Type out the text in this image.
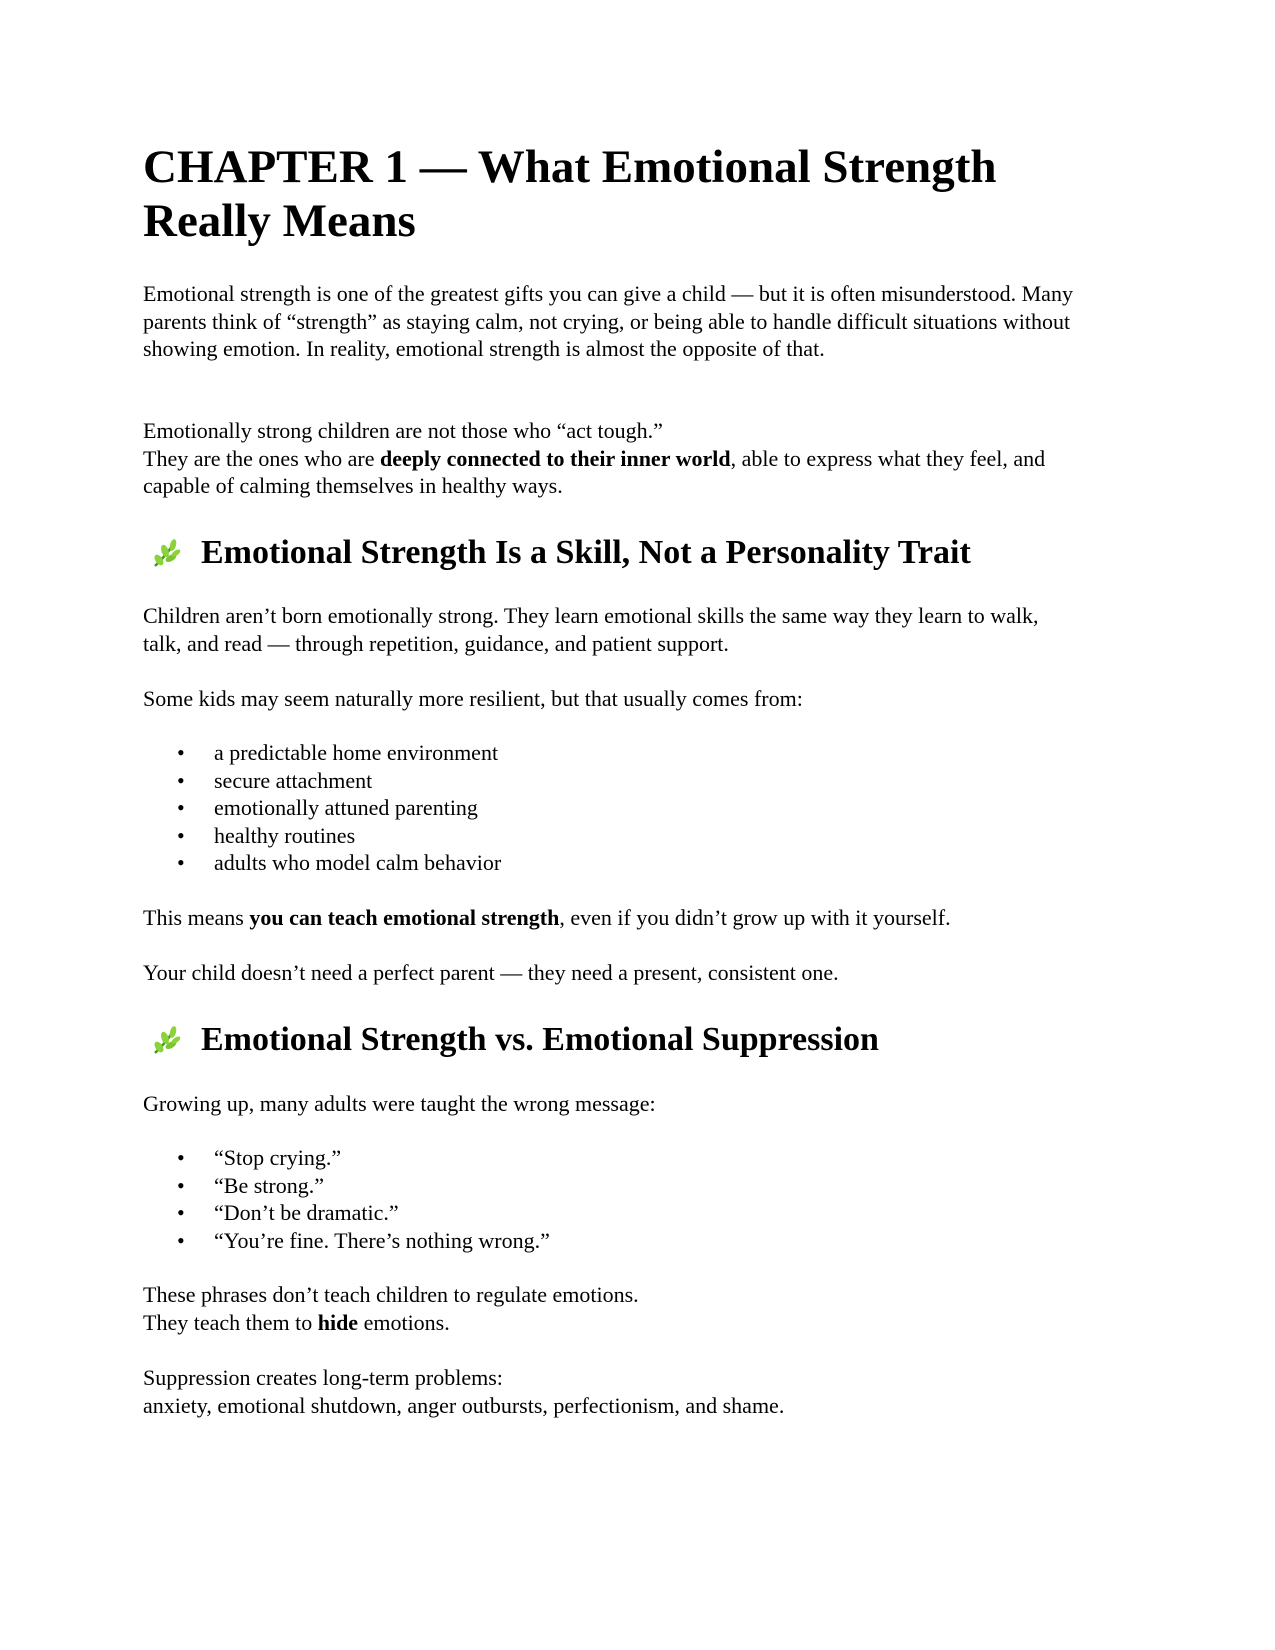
CHAPTER 1 — What Emotional Strength
Really Means

Emotional strength is one of the greatest gifts you can give a child — but it is often misunderstood. Many parents think of “strength” as staying calm, not crying, or being able to handle difficult situations without showing emotion. In reality, emotional strength is almost the opposite of that.

Emotionally strong children are not those who “act tough.”
They are the ones who are deeply connected to their inner world, able to express what they feel, and capable of calming themselves in healthy ways.

Emotional Strength Is a Skill, Not a Personality Trait

Children aren’t born emotionally strong. They learn emotional skills the same way they learn to walk, talk, and read — through repetition, guidance, and patient support.

Some kids may seem naturally more resilient, but that usually comes from:

• a predictable home environment
• secure attachment
• emotionally attuned parenting
• healthy routines
• adults who model calm behavior

This means you can teach emotional strength, even if you didn’t grow up with it yourself.

Your child doesn’t need a perfect parent — they need a present, consistent one.

Emotional Strength vs. Emotional Suppression

Growing up, many adults were taught the wrong message:

• “Stop crying.”
• “Be strong.”
• “Don’t be dramatic.”
• “You’re fine. There’s nothing wrong.”

These phrases don’t teach children to regulate emotions.
They teach them to hide emotions.

Suppression creates long-term problems:
anxiety, emotional shutdown, anger outbursts, perfectionism, and shame.
